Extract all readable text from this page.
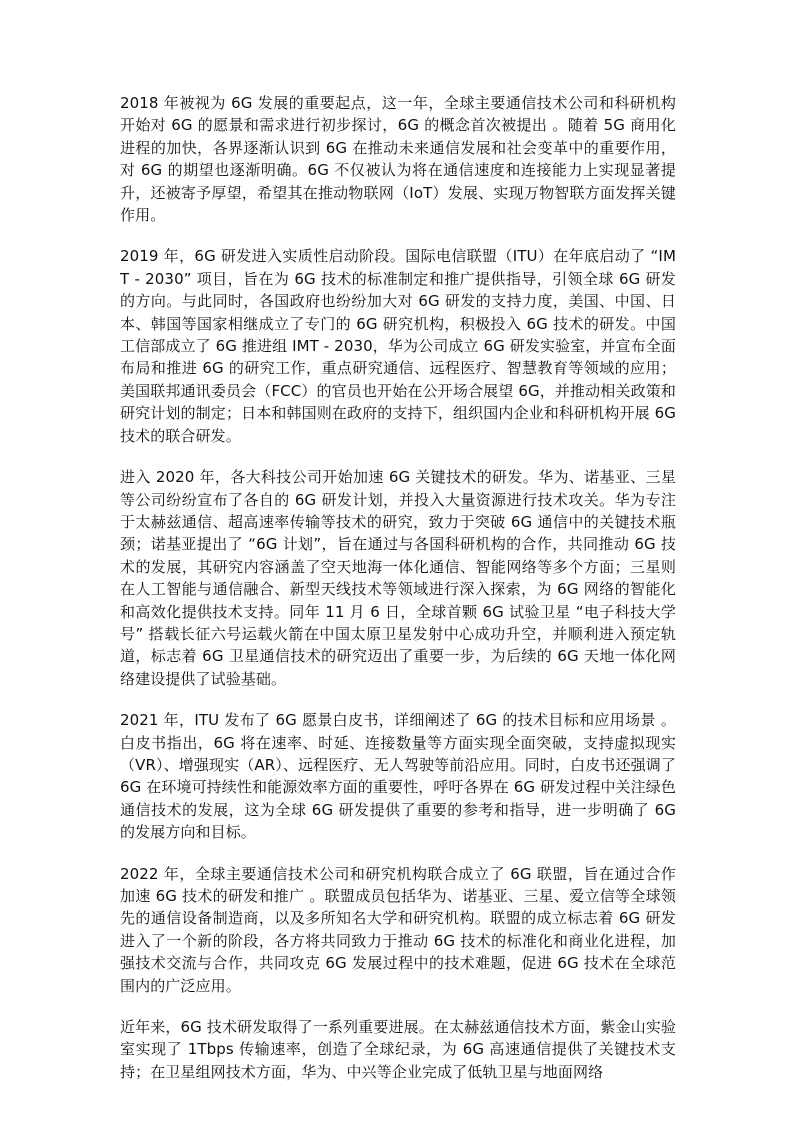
2018 年被视为 6G 发展的重要起点，这一年，全球主要通信技术公司和科研机构开始对 6G 的愿景和需求进行初步探讨，6G 的概念首次被提出 。随着 5G 商用化进程的加快，各界逐渐认识到 6G 在推动未来通信发展和社会变革中的重要作用，对 6G 的期望也逐渐明确。6G 不仅被认为将在通信速度和连接能力上实现显著提升，还被寄予厚望，希望其在推动物联网（IoT）发展、实现万物智联方面发挥关键作用。

2019 年，6G 研发进入实质性启动阶段。国际电信联盟（ITU）在年底启动了 “IMT - 2030” 项目，旨在为 6G 技术的标准制定和推广提供指导，引领全球 6G 研发的方向。与此同时，各国政府也纷纷加大对 6G 研发的支持力度，美国、中国、日本、韩国等国家相继成立了专门的 6G 研究机构，积极投入 6G 技术的研发。中国工信部成立了 6G 推进组 IMT - 2030，华为公司成立 6G 研发实验室，并宣布全面布局和推进 6G 的研究工作，重点研究通信、远程医疗、智慧教育等领域的应用；美国联邦通讯委员会（FCC）的官员也开始在公开场合展望 6G，并推动相关政策和研究计划的制定；日本和韩国则在政府的支持下，组织国内企业和科研机构开展 6G 技术的联合研发。

进入 2020 年，各大科技公司开始加速 6G 关键技术的研发。华为、诺基亚、三星等公司纷纷宣布了各自的 6G 研发计划，并投入大量资源进行技术攻关。华为专注于太赫兹通信、超高速率传输等技术的研究，致力于突破 6G 通信中的关键技术瓶颈；诺基亚提出了 “6G 计划”，旨在通过与各国科研机构的合作，共同推动 6G 技术的发展，其研究内容涵盖了空天地海一体化通信、智能网络等多个方面；三星则在人工智能与通信融合、新型天线技术等领域进行深入探索，为 6G 网络的智能化和高效化提供技术支持。同年 11 月 6 日，全球首颗 6G 试验卫星 “电子科技大学号” 搭载长征六号运载火箭在中国太原卫星发射中心成功升空，并顺利进入预定轨道，标志着 6G 卫星通信技术的研究迈出了重要一步，为后续的 6G 天地一体化网络建设提供了试验基础。

2021 年，ITU 发布了 6G 愿景白皮书，详细阐述了 6G 的技术目标和应用场景 。白皮书指出，6G 将在速率、时延、连接数量等方面实现全面突破，支持虚拟现实（VR）、增强现实（AR）、远程医疗、无人驾驶等前沿应用。同时，白皮书还强调了 6G 在环境可持续性和能源效率方面的重要性，呼吁各界在 6G 研发过程中关注绿色通信技术的发展，这为全球 6G 研发提供了重要的参考和指导，进一步明确了 6G 的发展方向和目标。

2022 年，全球主要通信技术公司和研究机构联合成立了 6G 联盟，旨在通过合作加速 6G 技术的研发和推广 。联盟成员包括华为、诺基亚、三星、爱立信等全球领先的通信设备制造商，以及多所知名大学和研究机构。联盟的成立标志着 6G 研发进入了一个新的阶段，各方将共同致力于推动 6G 技术的标准化和商业化进程，加强技术交流与合作，共同攻克 6G 发展过程中的技术难题，促进 6G 技术在全球范围内的广泛应用。

近年来，6G 技术研发取得了一系列重要进展。在太赫兹通信技术方面，紫金山实验室实现了 1Tbps 传输速率，创造了全球纪录，为 6G 高速通信提供了关键技术支持；在卫星组网技术方面，华为、中兴等企业完成了低轨卫星与地面网络
